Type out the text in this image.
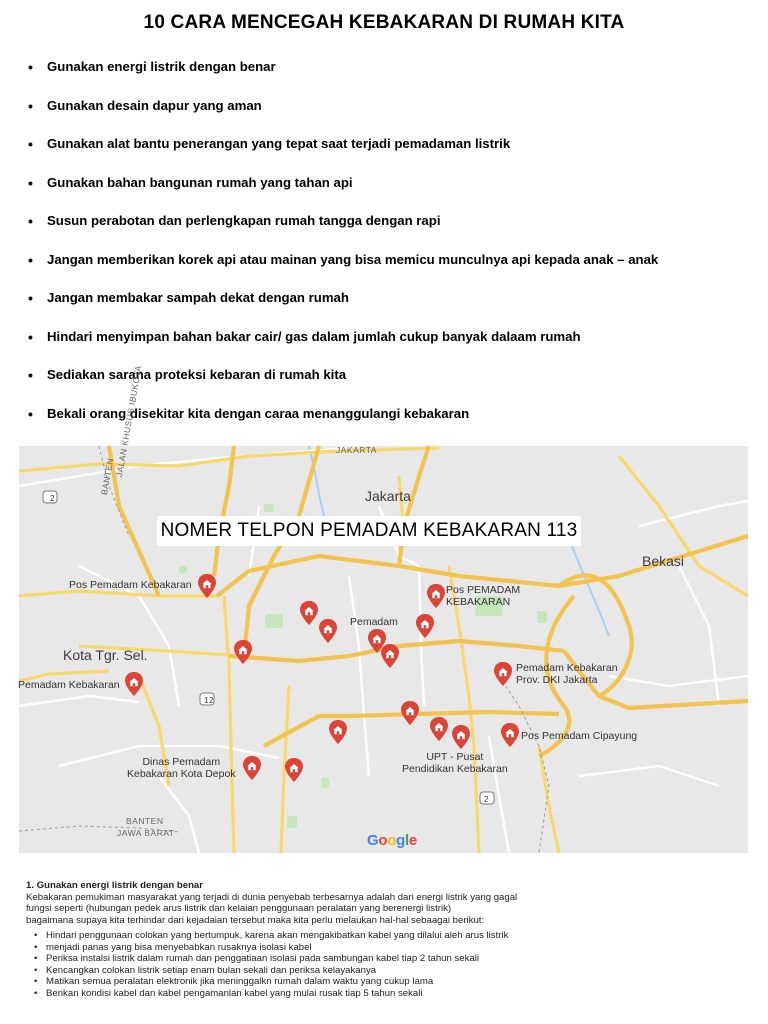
10 CARA MENCEGAH KEBAKARAN DI RUMAH KITA
• Gunakan energi listrik dengan benar
• Gunakan desain dapur yang aman
• Gunakan alat bantu penerangan yang tepat saat terjadi pemadaman listrik
• Gunakan bahan bangunan rumah yang tahan api
• Susun perabotan dan perlengkapan rumah tangga dengan rapi
• Jangan memberikan korek api atau mainan yang bisa memicu munculnya api kepada anak – anak
• Jangan membakar sampah dekat dengan rumah
• Hindari menyimpan bahan bakar cair/ gas dalam jumlah cukup banyak dalaam rumah
• Sediakan sarana proteksi kebaran di rumah kita
• Bekali orang disekitar kita dengan caraa menanggulangi kebakaran
2
12
2
JAKARTA
BANTEN
JALAN KHUSUS IBUKOTA
BANTEN
JAWA BARAT
Jakarta
Bekasi
Kota Tgr. Sel.
NOMER TELPON PEMADAM KEBAKARAN 113
Pos Pemadam Kebakaran	Pos PEMADAM
KEBAKARAN
Pemadam
Pemadam Kebakaran
Pemadam Kebakaran
Prov. DKI Jakarta
Pos Pemadam Cipayung
UPT - Pusat
Pendidikan Kebakaran
Dinas Pemadam
Kebakaran Kota Depok
Google

1. Gunakan energi listrik dengan benar

Kebakaran pemukiman masyarakat yang terjadi di dunia penyebab terbesarnya adalah dari energi listrik yang gagal

fungsi seperti (hubungan pedek arus listrik dan kelaian penggunaan peralatan yang berenergi listrik)

bagaimana supaya kita terhindar dari kejadaian tersebut maka kita perlu melaukan hal-hal sebaagai berikut:

• Hindari penggunaan colokan yang bertumpuk, karena akan mengakibatkan kabel yang dilalui aleh arus listrik
• menjadi panas yang bisa menyebabkan rusaknya isolasi kabel
• Periksa instalsi listrik dalam rumah dan penggatiaan isolasi pada sambungan kabel tiap 2 tahun sekali
• Kencangkan colokan listrik setiap enam bulan sekali dan periksa kelayakanya
• Matikan semua peralatan elektronik jika meninggalkn rumah dalam waktu yang cukup lama
• Berikan kondisi kabel dan kabel pengamanlan kabel yang mulai rusak tiap 5 tahun sekali
